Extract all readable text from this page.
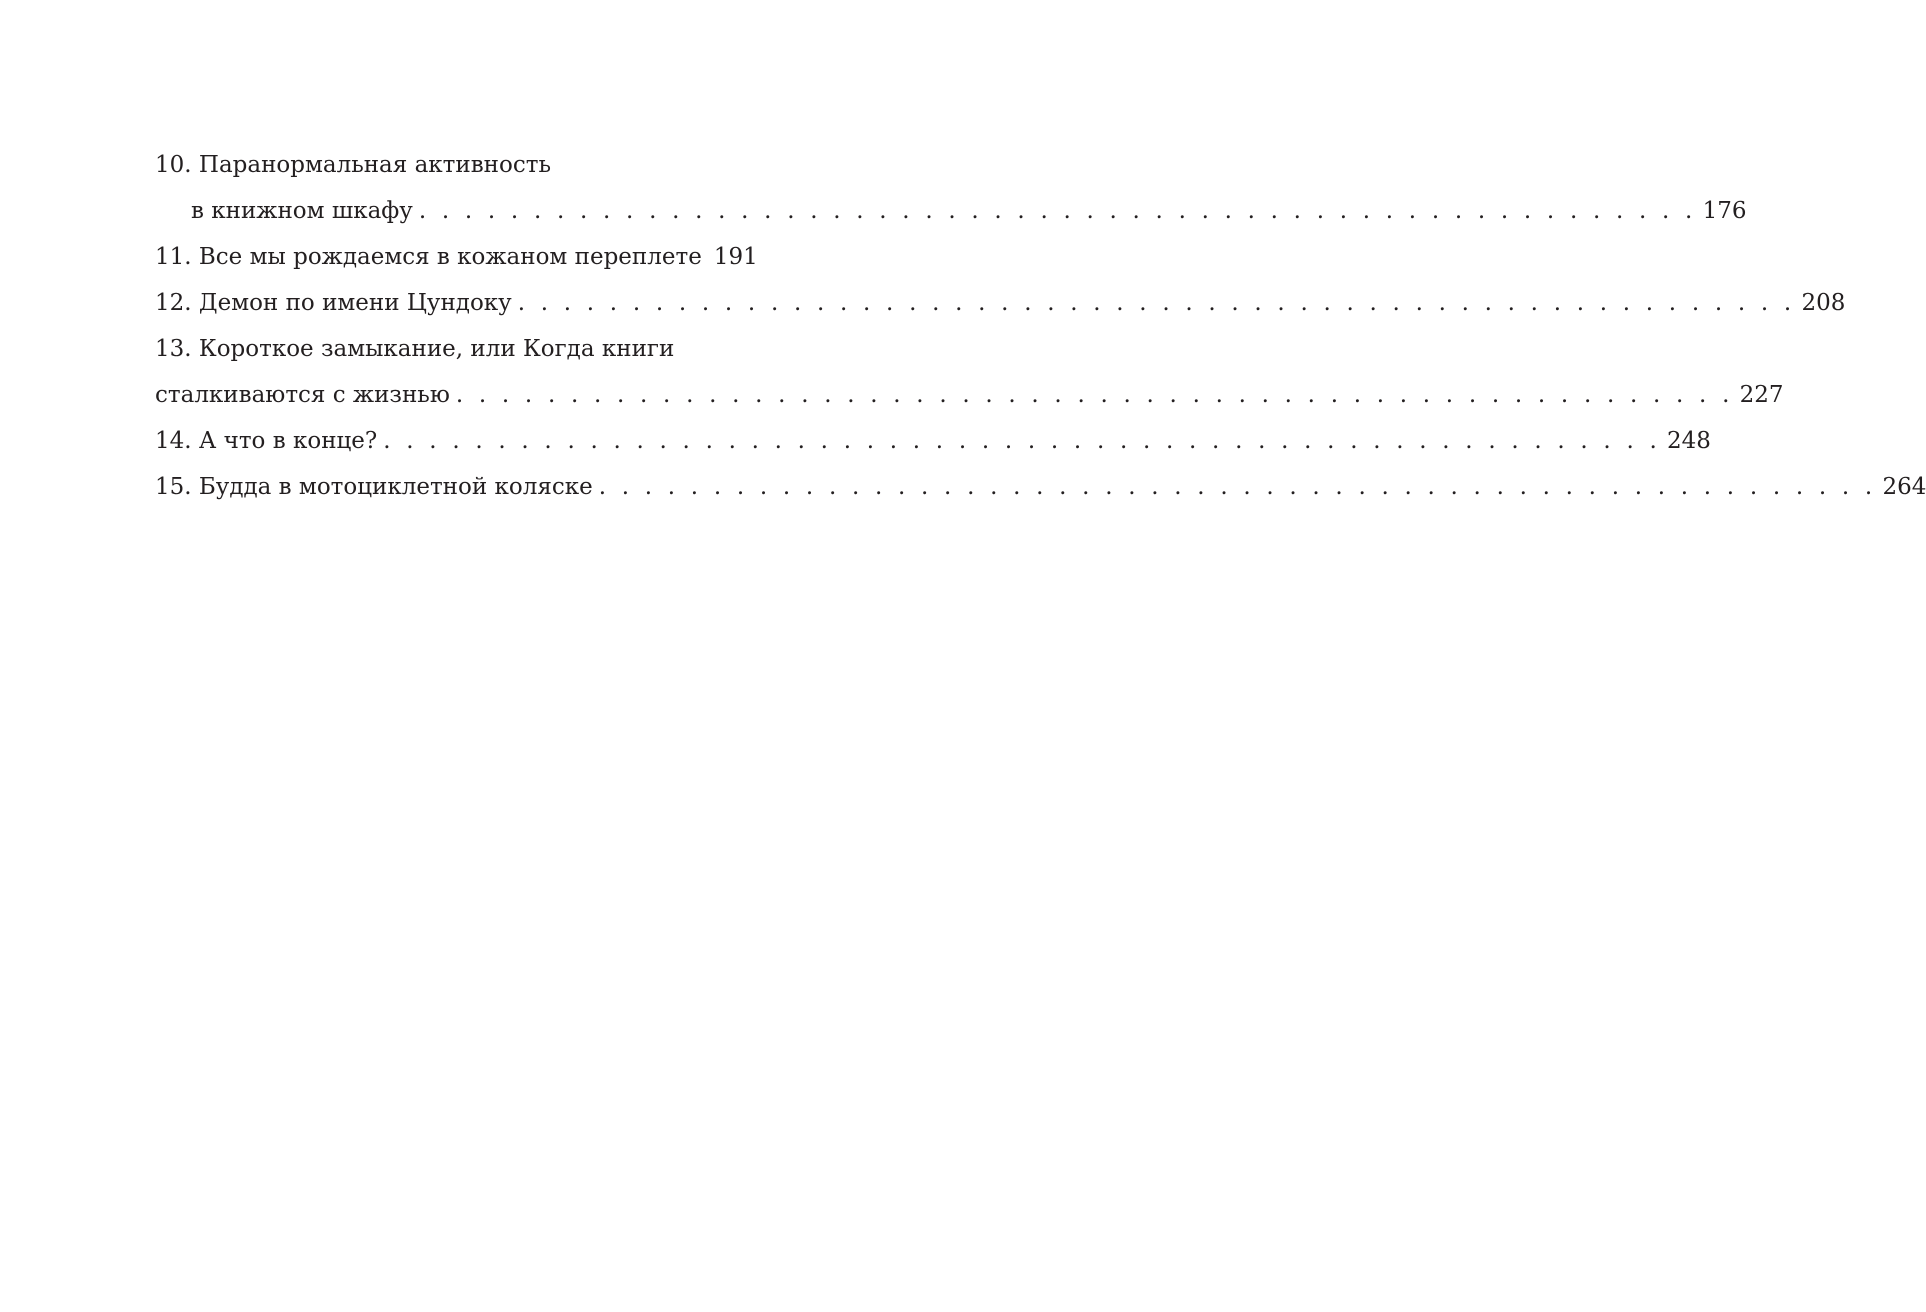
10. Паранормальная активность
в книжном шкафу . . . . . . . . . . . . . . . . . . . . . . . . . . . . . . . . . . . . . . . . . . . . . . . . . . . . . . . . 176
11. Все мы рождаемся в кожаном переплете 191
12. Демон по имени Цундоку . . . . . . . . . . . . . . . . . . . . . . . . . . . . . . . . . . . . . . . . . . . . . . . . . . . . . . . . 208
13. Короткое замыкание, или Когда книги
сталкиваются с жизнью . . . . . . . . . . . . . . . . . . . . . . . . . . . . . . . . . . . . . . . . . . . . . . . . . . . . . . . . 227
14. А что в конце? . . . . . . . . . . . . . . . . . . . . . . . . . . . . . . . . . . . . . . . . . . . . . . . . . . . . . . . . 248
15. Будда в мотоциклетной коляске . . . . . . . . . . . . . . . . . . . . . . . . . . . . . . . . . . . . . . . . . . . . . . . . . . . . . . . . 264
